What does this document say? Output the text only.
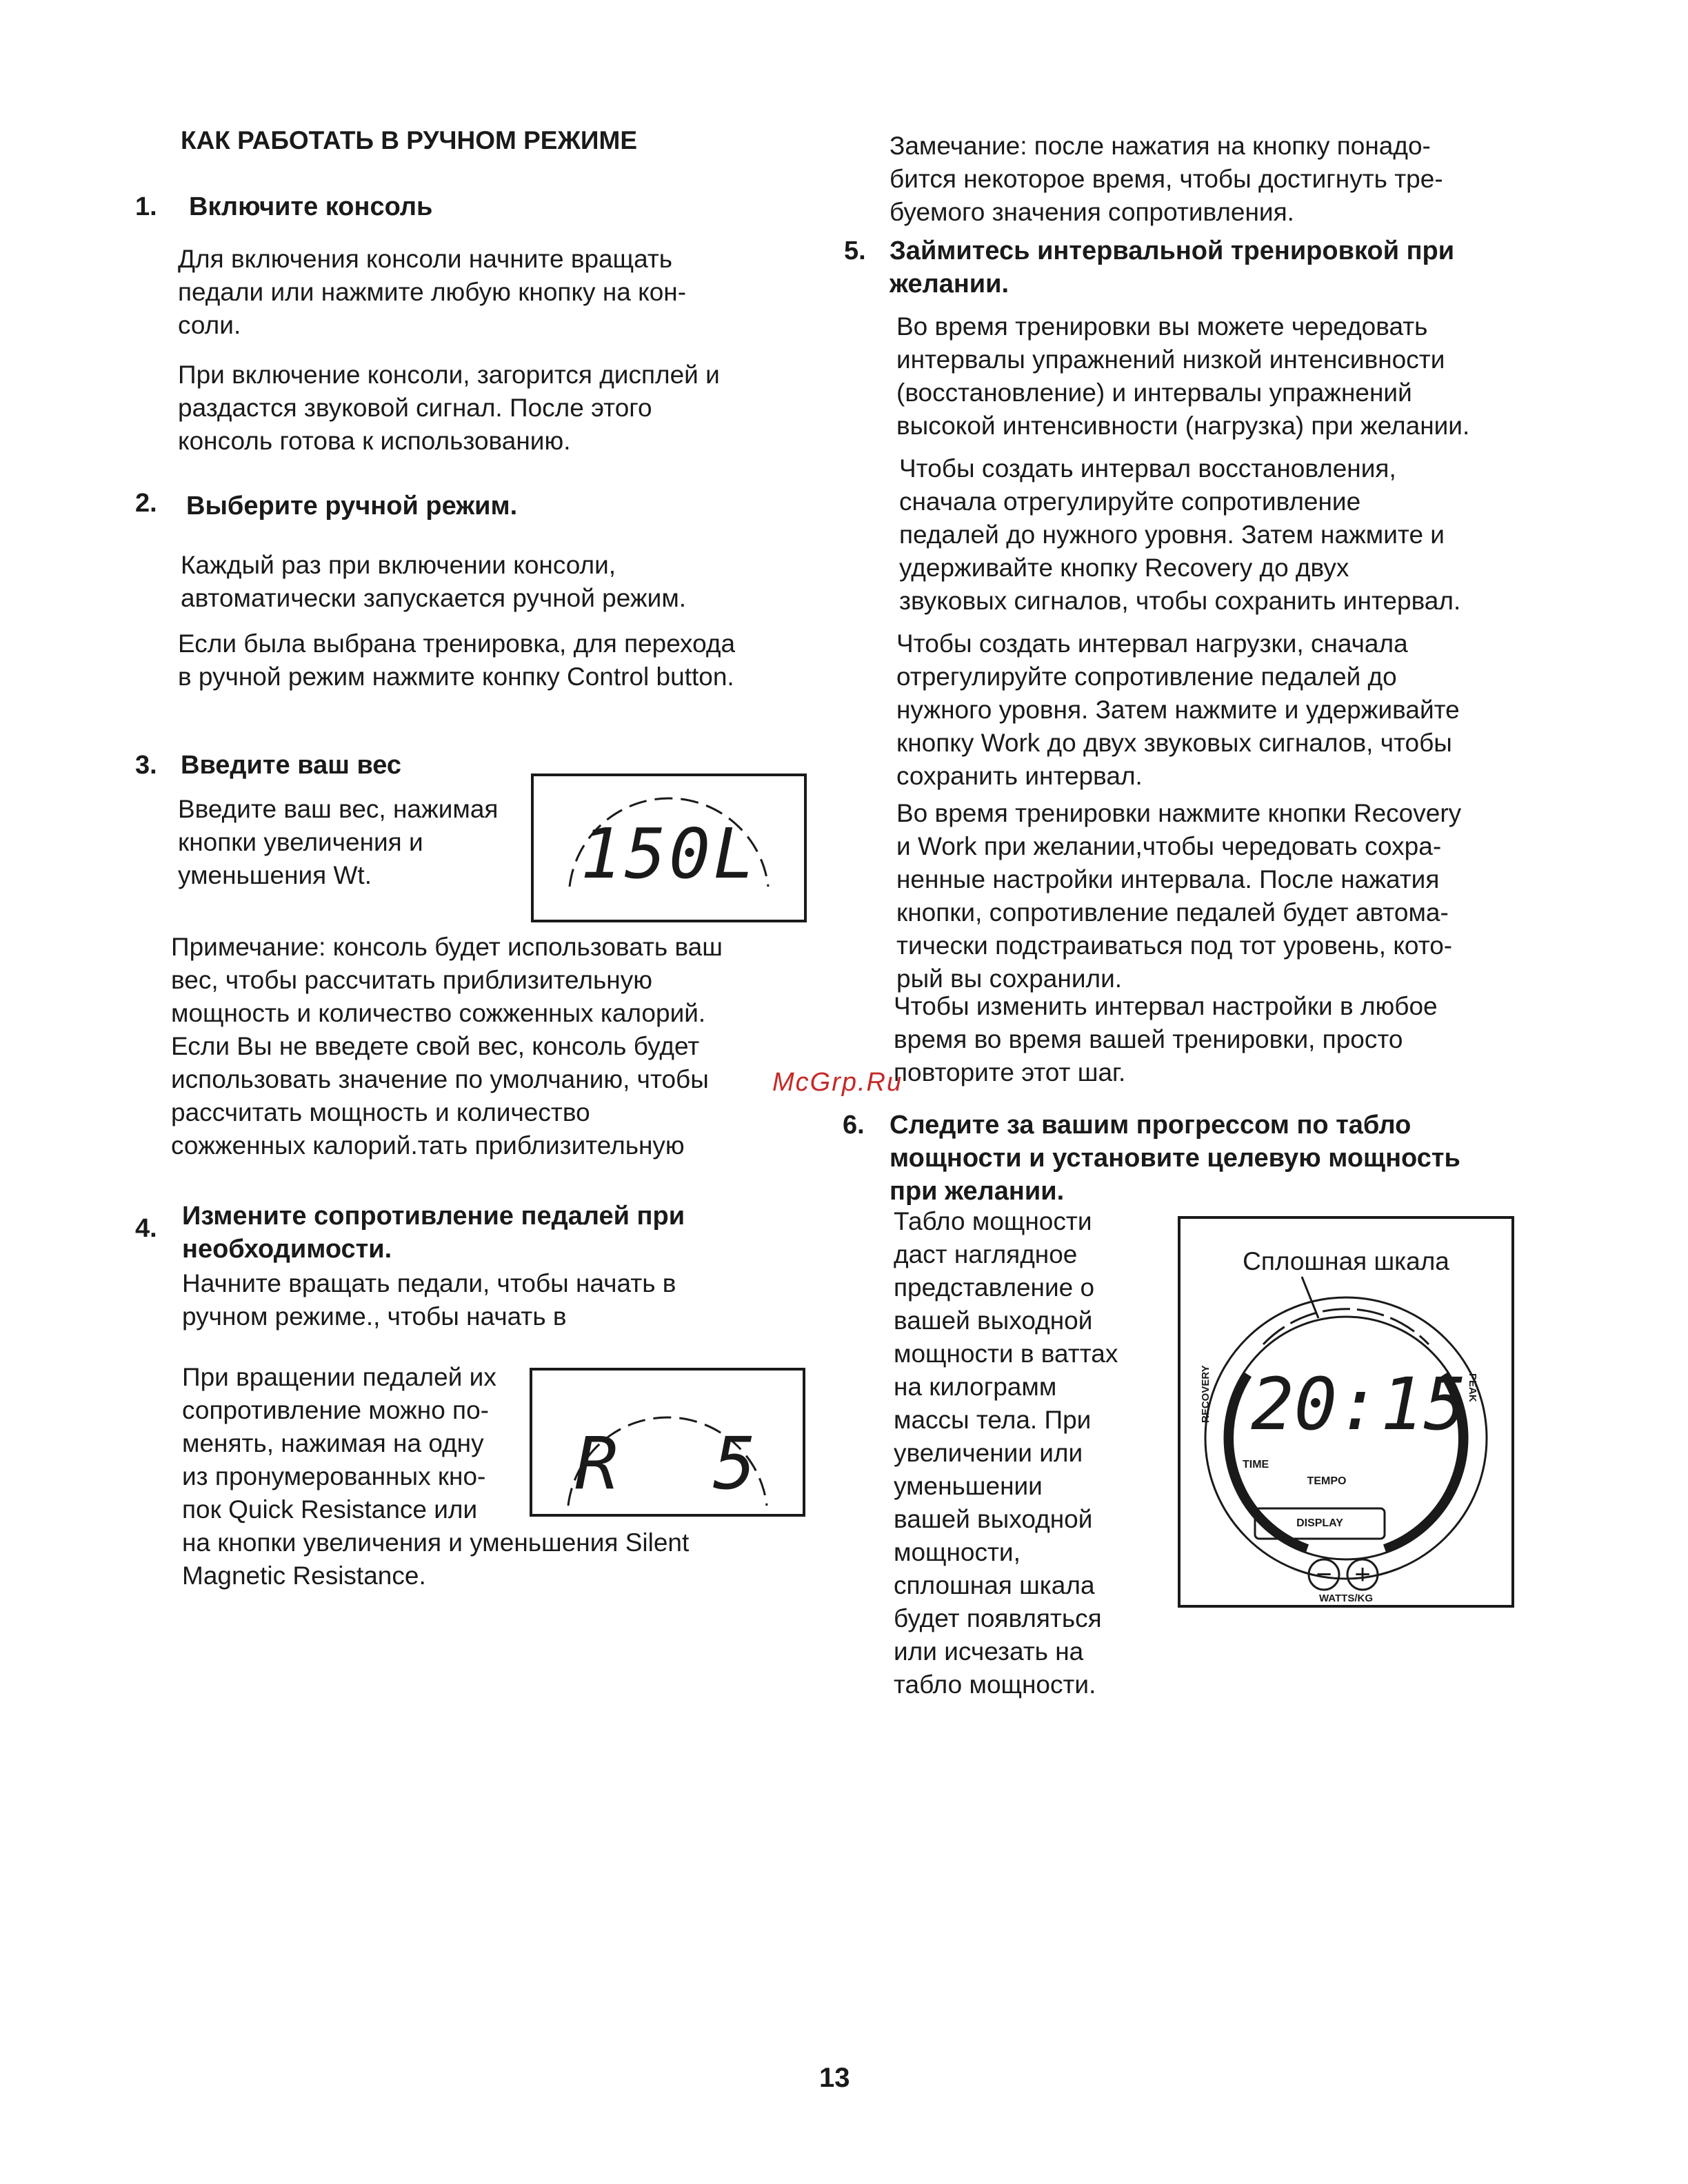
КАК РАБОТАТЬ В РУЧНОМ РЕЖИМЕ
1. Включите консоль
Для включения консоли начните вращать
педали или нажмите любую кнопку на кон-
соли.
При включение консоли, загорится дисплей и
раздастся звуковой сигнал. После этого
консоль готова к использованию.
2. Выберите ручной режим.
Каждый раз при включении консоли,
автоматически запускается ручной режим.
Если была выбрана тренировка, для перехода
в ручной режим нажмите конпку Control button.
3. Введите ваш вес
Введите ваш вес, нажимая
кнопки увеличения и
уменьшения Wt.	150L
Примечание: консоль будет использовать ваш
вес, чтобы рассчитать приблизительную
мощность и количество сожженных калорий.
Если Вы не введете свой вес, консоль будет
использовать значение по умолчанию, чтобы
рассчитать мощность и количество
сожженных калорий.тать приблизительную
4. Измените сопротивление педалей при
необходимости.
Начните вращать педали, чтобы начать в
ручном режиме., чтобы начать в
При вращении педалей их
сопротивление можно по-
менять, нажимая на одну
из пронумерованных кно-
пок Quick Resistance или
на кнопки увеличения и уменьшения Silent
Magnetic Resistance.
R 5
Замечание: после нажатия на кнопку понадо-
бится некоторое время, чтобы достигнуть тре-
буемого значения сопротивления.
5. Займитесь интервальной тренировкой при
желании.
Во время тренировки вы можете чередовать
интервалы упражнений низкой интенсивности
(восстановление) и интервалы упражнений
высокой интенсивности (нагрузка) при желании.
Чтобы создать интервал восстановления,
сначала отрегулируйте сопротивление
педалей до нужного уровня. Затем нажмите и
удерживайте кнопку Recovery до двух
звуковых сигналов, чтобы сохранить интервал.
Чтобы создать интервал нагрузки, сначала
отрегулируйте сопротивление педалей до
нужного уровня. Затем нажмите и удерживайте
кнопку Work до двух звуковых сигналов, чтобы
сохранить интервал.
Во время тренировки нажмите кнопки Recovery
и Work при желании,чтобы чередовать сохра-
ненные настройки интервала. После нажатия
кнопки, сопротивление педалей будет автома-
тически подстраиваться под тот уровень, кото-
рый вы сохранили.
Чтобы изменить интервал настройки в любое
время во время вашей тренировки, просто
повторите этот шаг.
McGrp.Ru
6. Следите за вашим прогрессом по табло
мощности и установите целевую мощность
при желании.
Табло мощности
даст наглядное
представление о
вашей выходной
мощности в ваттах
на килограмм
массы тела. При
увеличении или
уменьшении
вашей выходной
мощности,
сплошная шкала
будет появляться
или исчезать на
табло мощности.
Сплошная шкала
TEMPO
20:15
TIME
RECOVERY	PEAK
DISPLAY
− +
WATTS/KG
13
